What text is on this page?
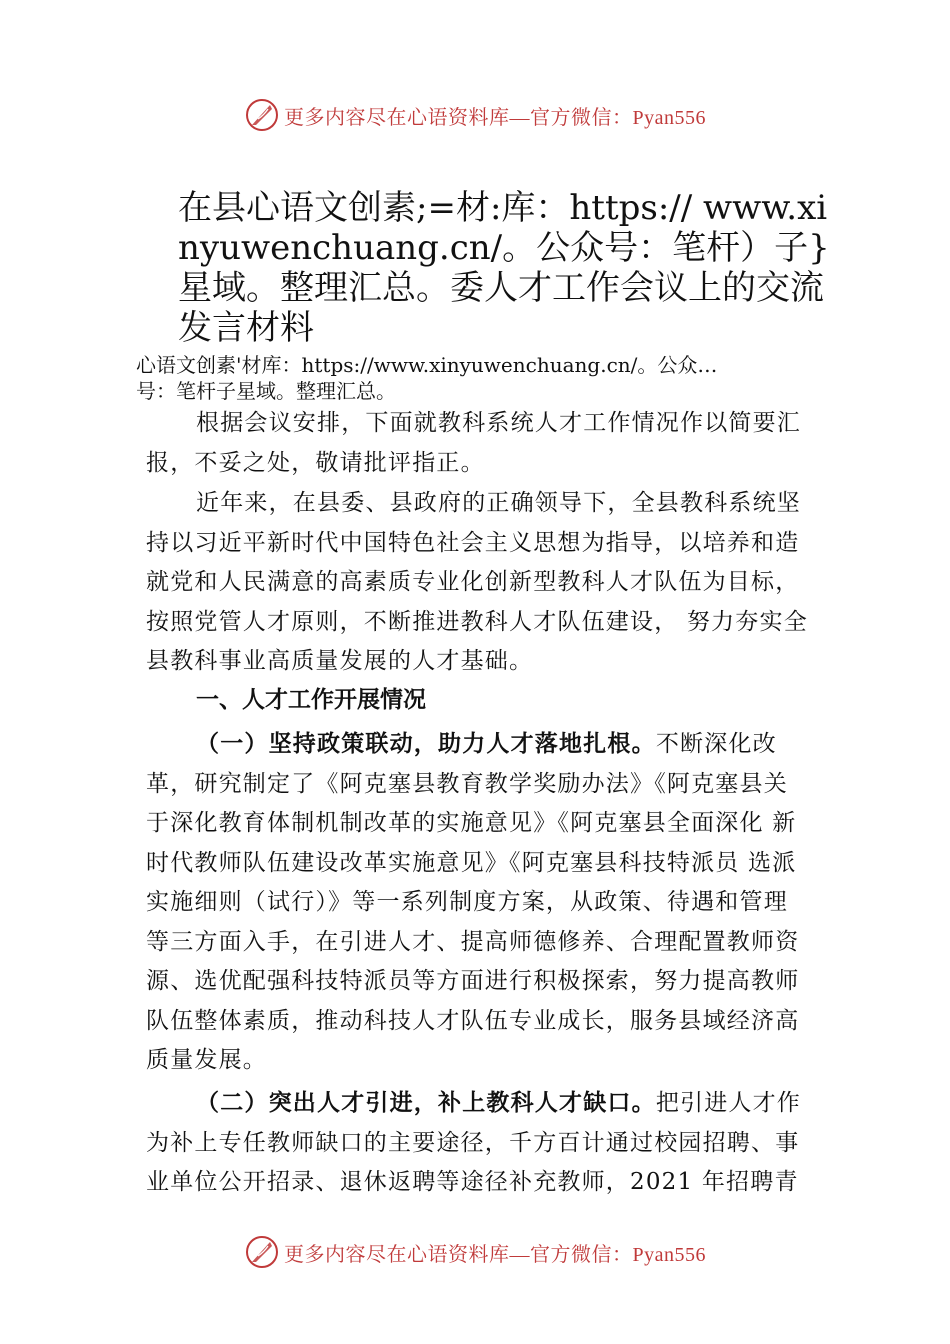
更多内容尽在心语资料库—官方微信：Pyan556
在县心语文创素;=材:库：https:// www.xinyuwenchuang.cn/。公众号：笔杆）子}星域。整理汇总。委人才工作会议上的交流发言材料
心语文创素'材库：https://www.xinyuwenchuang.cn/。公众…
号：笔杆子星域。整理汇总。

根据会议安排，下面就教科系统人才工作情况作以简要汇报，不妥之处，敬请批评指正。

近年来，在县委、县政府的正确领导下，全县教科系统坚持以习近平新时代中国特色社会主义思想为指导，以培养和造就党和人民满意的高素质专业化创新型教科人才队伍为目标，按照党管人才原则，不断推进教科人才队伍建设， 努力夯实全县教科事业高质量发展的人才基础。

一、人才工作开展情况

（一）坚持政策联动，助力人才落地扎根。不断深化改革，研究制定了《阿克塞县教育教学奖励办法》《阿克塞县关于深化教育体制机制改革的实施意见》《阿克塞县全面深化 新时代教师队伍建设改革实施意见》《阿克塞县科技特派员 选派实施细则（试行）》等一系列制度方案，从政策、待遇和管理等三方面入手，在引进人才、提高师德修养、合理配置教师资源、选优配强科技特派员等方面进行积极探索，努力提高教师队伍整体素质，推动科技人才队伍专业成长，服务县域经济高质量发展。

（二）突出人才引进，补上教科人才缺口。把引进人才作为补上专任教师缺口的主要途径，千方百计通过校园招聘、事业单位公开招录、退休返聘等途径补充教师，2021 年招聘青

更多内容尽在心语资料库—官方微信：Pyan556
